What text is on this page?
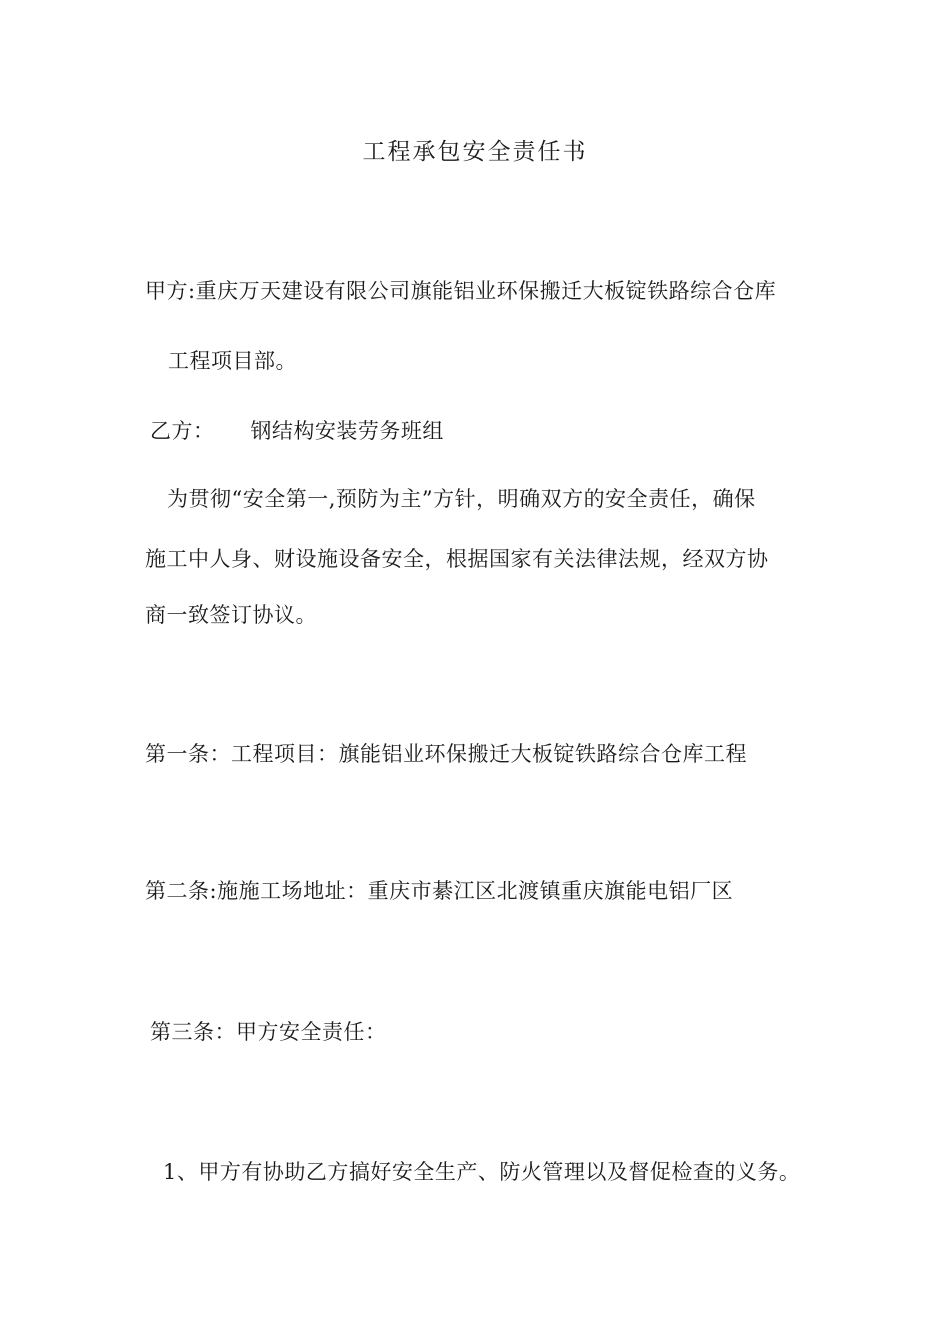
工程承包安全责任书
甲方:重庆万天建设有限公司旗能铝业环保搬迁大板锭铁路综合仓库
工程项目部。
乙方：     钢结构安装劳务班组
为贯彻“安全第一,预防为主”方针，明确双方的安全责任，确保
施工中人身、财设施设备安全，根据国家有关法律法规，经双方协
商一致签订协议。
第一条：工程项目：旗能铝业环保搬迁大板锭铁路综合仓库工程
第二条:施施工场地址：重庆市綦江区北渡镇重庆旗能电铝厂区
第三条：甲方安全责任：
1、甲方有协助乙方搞好安全生产、防火管理以及督促检查的义务。
